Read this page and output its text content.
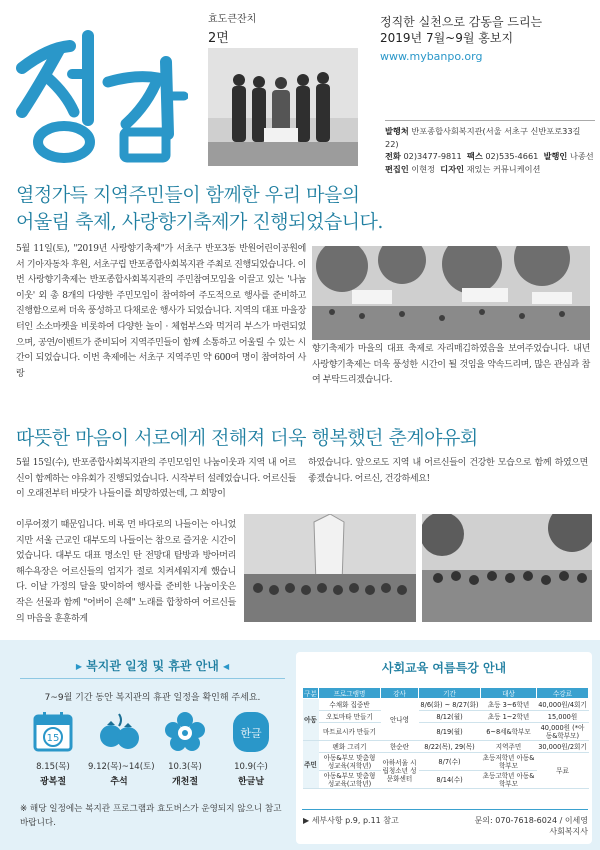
효도큰잔치
2면
정직한 실천으로 감동을 드리는
2019년 7월~9월 홍보지
www.mybanpo.org
발행처 반포종합사회복지관(서울 서초구 신반포로33길 22)
전화 02)3477-9811 팩스 02)535-4661 발행인 나종선
편집인 이현정 디자인 재있는 커뮤니케이션
열정가득 지역주민들이 함께한 우리 마을의
어울림 축제, 사랑향기축제가 진행되었습니다.
5월 11일(토), "2019년 사랑향기축제"가 서초구 반포3동 반원어린이공원에서 기아자동차 후원, 서초구립 반포종합사회복지관 주최로 진행되었습니다. 이번 사랑향기축제는 반포종합사회복지관의 주민참여모임을 이끌고 있는 '나눔이웃' 외 총 8개의 다양한 주민모임이 참여하여 주도적으로 행사를 준비하고 진행함으로써 더욱 풍성하고 다채로운 행사가 되었습니다. 지역의 대표 마을장터인 소소마켓을 비롯하여 다양한 놀이 · 체험부스와 먹거리 부스가 마련되었으며, 공연/이벤트가 준비되어 지역주민들이 함께 소통하고 어울릴 수 있는 시간이 되었습니다. 이번 축제에는 서초구 지역주민 약 600여 명이 참여하여 사랑
향기축제가 마을의 대표 축제로 자리매김하였음을 보여주었습니다. 내년 사랑향기축제는 더욱 풍성한 시간이 될 것임을 약속드리며, 많은 관심과 참여 부탁드리겠습니다.
따뜻한 마음이 서로에게 전해져 더욱 행복했던 춘계야유회
5월 15일(수), 반포종합사회복지관의 주민모임인 나눔이웃과 지역 내 어르신이 함께하는 야유회가 진행되었습니다. 시작부터 설레었습니다. 어르신들이 오래전부터 바닷가 나들이를 희망하였는데, 그 희망이
이루어졌기 때문입니다. 비록 먼 바다로의 나들이는 아니었지만 서울 근교인 대부도의 나들이는 참으로 즐거운 시간이었습니다. 대부도 대표 명소인 탄 전망대 탐방과 방아머리 해수욕장은 어르신들의 엄지가 절로 치켜세워지게 했습니다. 이날 가정의 달을 맞이하여 행사를 준비한 나눔이웃은 작은 선물과 함께 "어버이 은혜" 노래를 합창하여 어르신들의 마음을 훈훈하게
하였습니다. 앞으로도 지역 내 어르신들이 건강한 모습으로 함께 하였으면 좋겠습니다. 어르신, 건강하세요!
▶ 복지관 일정 및 휴관 안내 ◀
7~9월 기간 동안 복지관의 휴관 일정을 확인해 주세요.
15
8.15(목)
광복절
9.12(목)~14(토)
추석
10.3(목)
개천절
한글
10.9(수)
한글날
※ 해당 일정에는 복지관 프로그램과 효도버스가 운영되지 않으니 참고 바랍니다.
사회교육 여름특강 안내
구분	프로그램명	강사	기간	대상	수강료
아동	수채화 집중반	안나영	8/6(화) ~ 8/27(화)	초등 3~6학년	40,000원/4회기
	오토마타 만들기		8/12(월)	초등 1~2학년	15,000원
	마트료시카 만들기		8/19(월)	6~8세&학부모	40,000원 (*아동&학부모)
주민	펜화 그리기	한순란	8/22(목), 29(목)	지역주민	30,000원/2회기
	아동&부모 맞춤형 성교육(저학년)	아하서울 시립청소년 성문화센터	8/7(수)	초등저학년 아동&학부모	무료
	아동&부모 맞춤형 성교육(고학년)		8/14(수)	초등고학년 아동&학부모	
▶ 세부사항 p.9, p.11 참고	문의: 070-7618-6024 / 이세영 사회복지사
